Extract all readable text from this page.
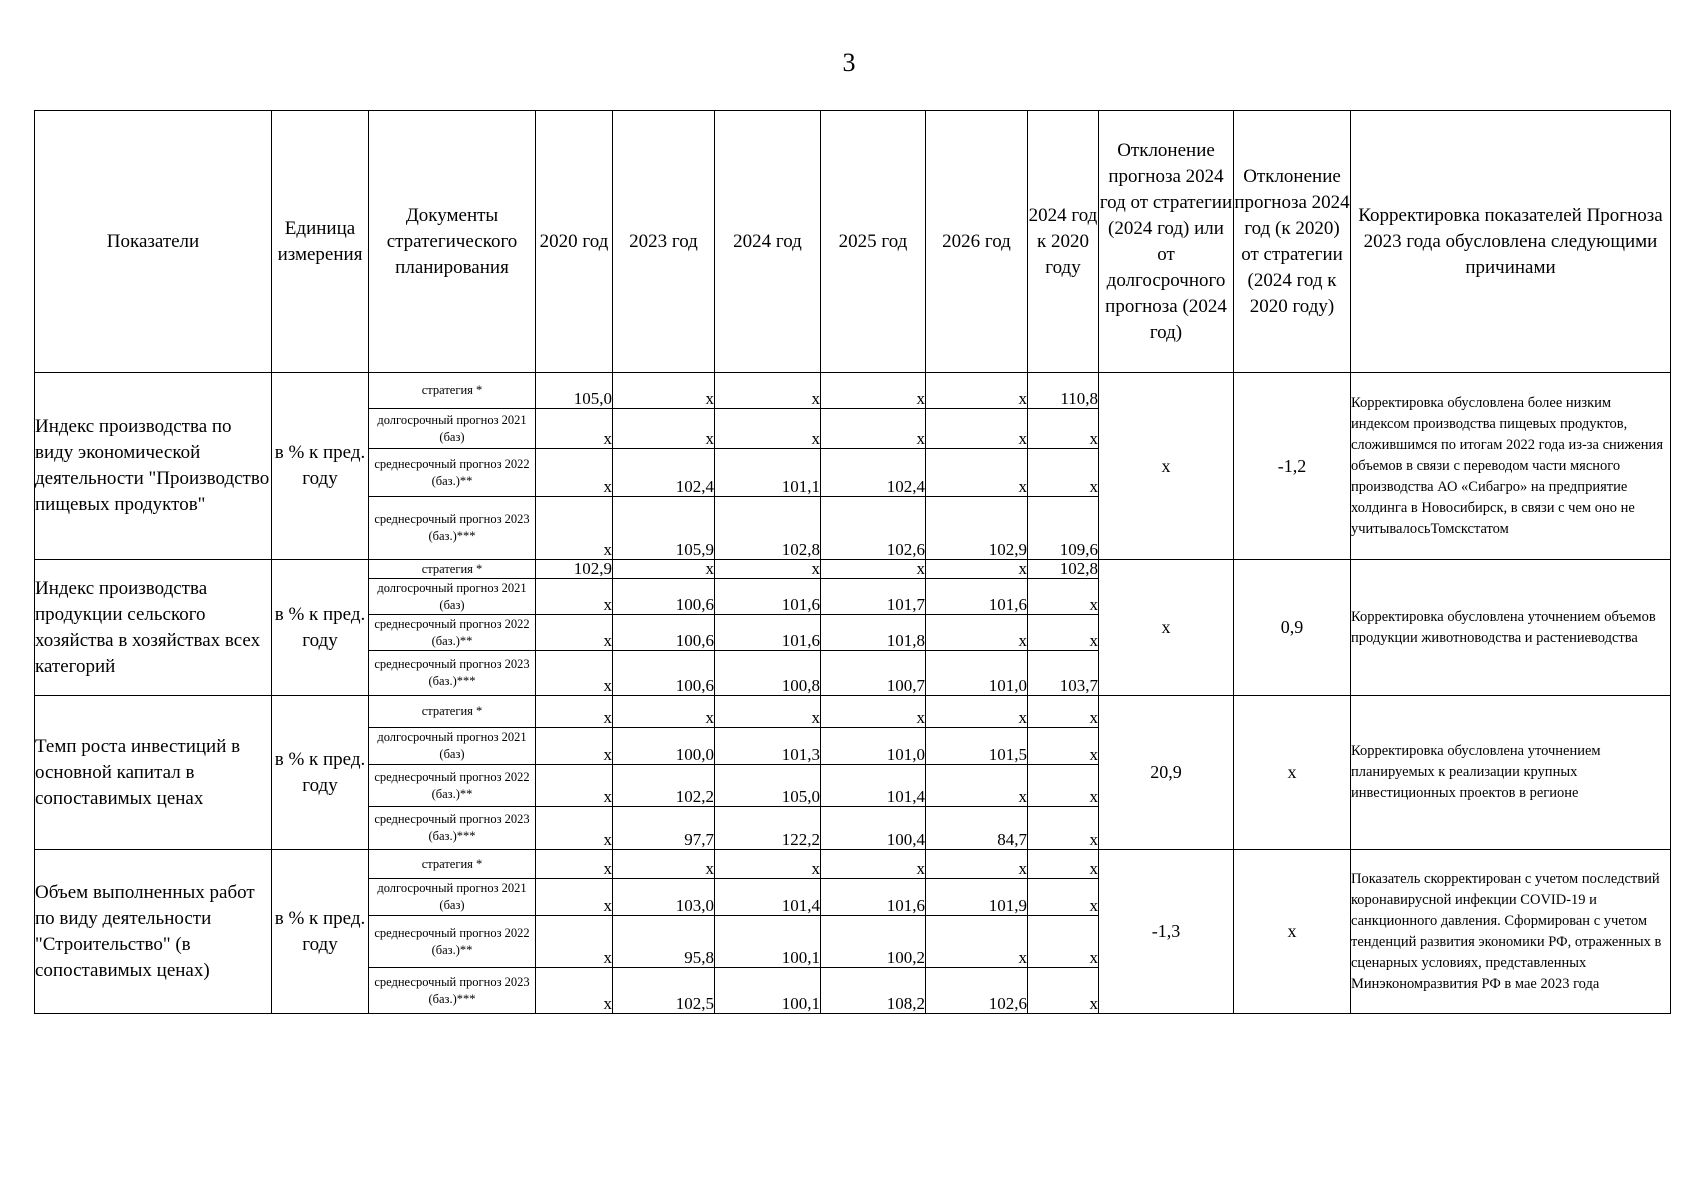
3
Показатели	Единица измерения	Документы стратегического планирования	2020 год	2023 год	2024 год	2025 год	2026 год	2024 год к 2020 году	Отклонение прогноза 2024 год от стратегии (2024 год) или от долгосрочного прогноза (2024 год)	Отклонение прогноза 2024 год (к 2020) от стратегии (2024 год к 2020 году)	Корректировка показателей Прогноза 2023 года обусловлена следующими причинами
Индекс производства по виду экономической деятельности "Производство пищевых продуктов"	в % к пред. году	стратегия *	105,0	x	x	x	x	110,8	x	-1,2	Корректировка обусловлена более низким индексом производства пищевых продуктов, сложившимся по итогам 2022 года из-за снижения объемов в связи с переводом части мясного производства АО «Сибагро» на предприятие холдинга в Новосибирск, в связи с чем оно не учитывалосьТомскстатом
		долгосрочный прогноз 2021 (баз)	x	x	x	x	x	x			
		среднесрочный прогноз 2022 (баз.)**	x	102,4	101,1	102,4	x	x			
		среднесрочный прогноз 2023 (баз.)***	x	105,9	102,8	102,6	102,9	109,6			
Индекс производства продукции сельского хозяйства в хозяйствах всех категорий	в % к пред. году	стратегия *	102,9	x	x	x	x	102,8	x	0,9	Корректировка обусловлена уточнением объемов продукции животноводства и растениеводства
		долгосрочный прогноз 2021 (баз)	x	100,6	101,6	101,7	101,6	x			
		среднесрочный прогноз 2022 (баз.)**	x	100,6	101,6	101,8	x	x			
		среднесрочный прогноз 2023 (баз.)***	x	100,6	100,8	100,7	101,0	103,7			
Темп роста инвестиций в основной капитал в сопоставимых ценах	в % к пред. году	стратегия *	x	x	x	x	x	x	20,9	x	Корректировка обусловлена уточнением планируемых к реализации крупных инвестиционных проектов в регионе
		долгосрочный прогноз 2021 (баз)	x	100,0	101,3	101,0	101,5	x			
		среднесрочный прогноз 2022 (баз.)**	x	102,2	105,0	101,4	x	x			
		среднесрочный прогноз 2023 (баз.)***	x	97,7	122,2	100,4	84,7	x			
Объем выполненных работ по виду деятельности "Строительство" (в сопоставимых ценах)	в % к пред. году	стратегия *	x	x	x	x	x	x	-1,3	x	Показатель скорректирован с учетом последствий коронавирусной инфекции COVID-19 и санкционного давления. Сформирован с учетом тенденций развития экономики РФ, отраженных в сценарных условиях, представленных Минэкономразвития РФ в мае 2023 года
		долгосрочный прогноз 2021 (баз)	x	103,0	101,4	101,6	101,9	x			
		среднесрочный прогноз 2022 (баз.)**	x	95,8	100,1	100,2	x	x			
		среднесрочный прогноз 2023 (баз.)***	x	102,5	100,1	108,2	102,6	x			
